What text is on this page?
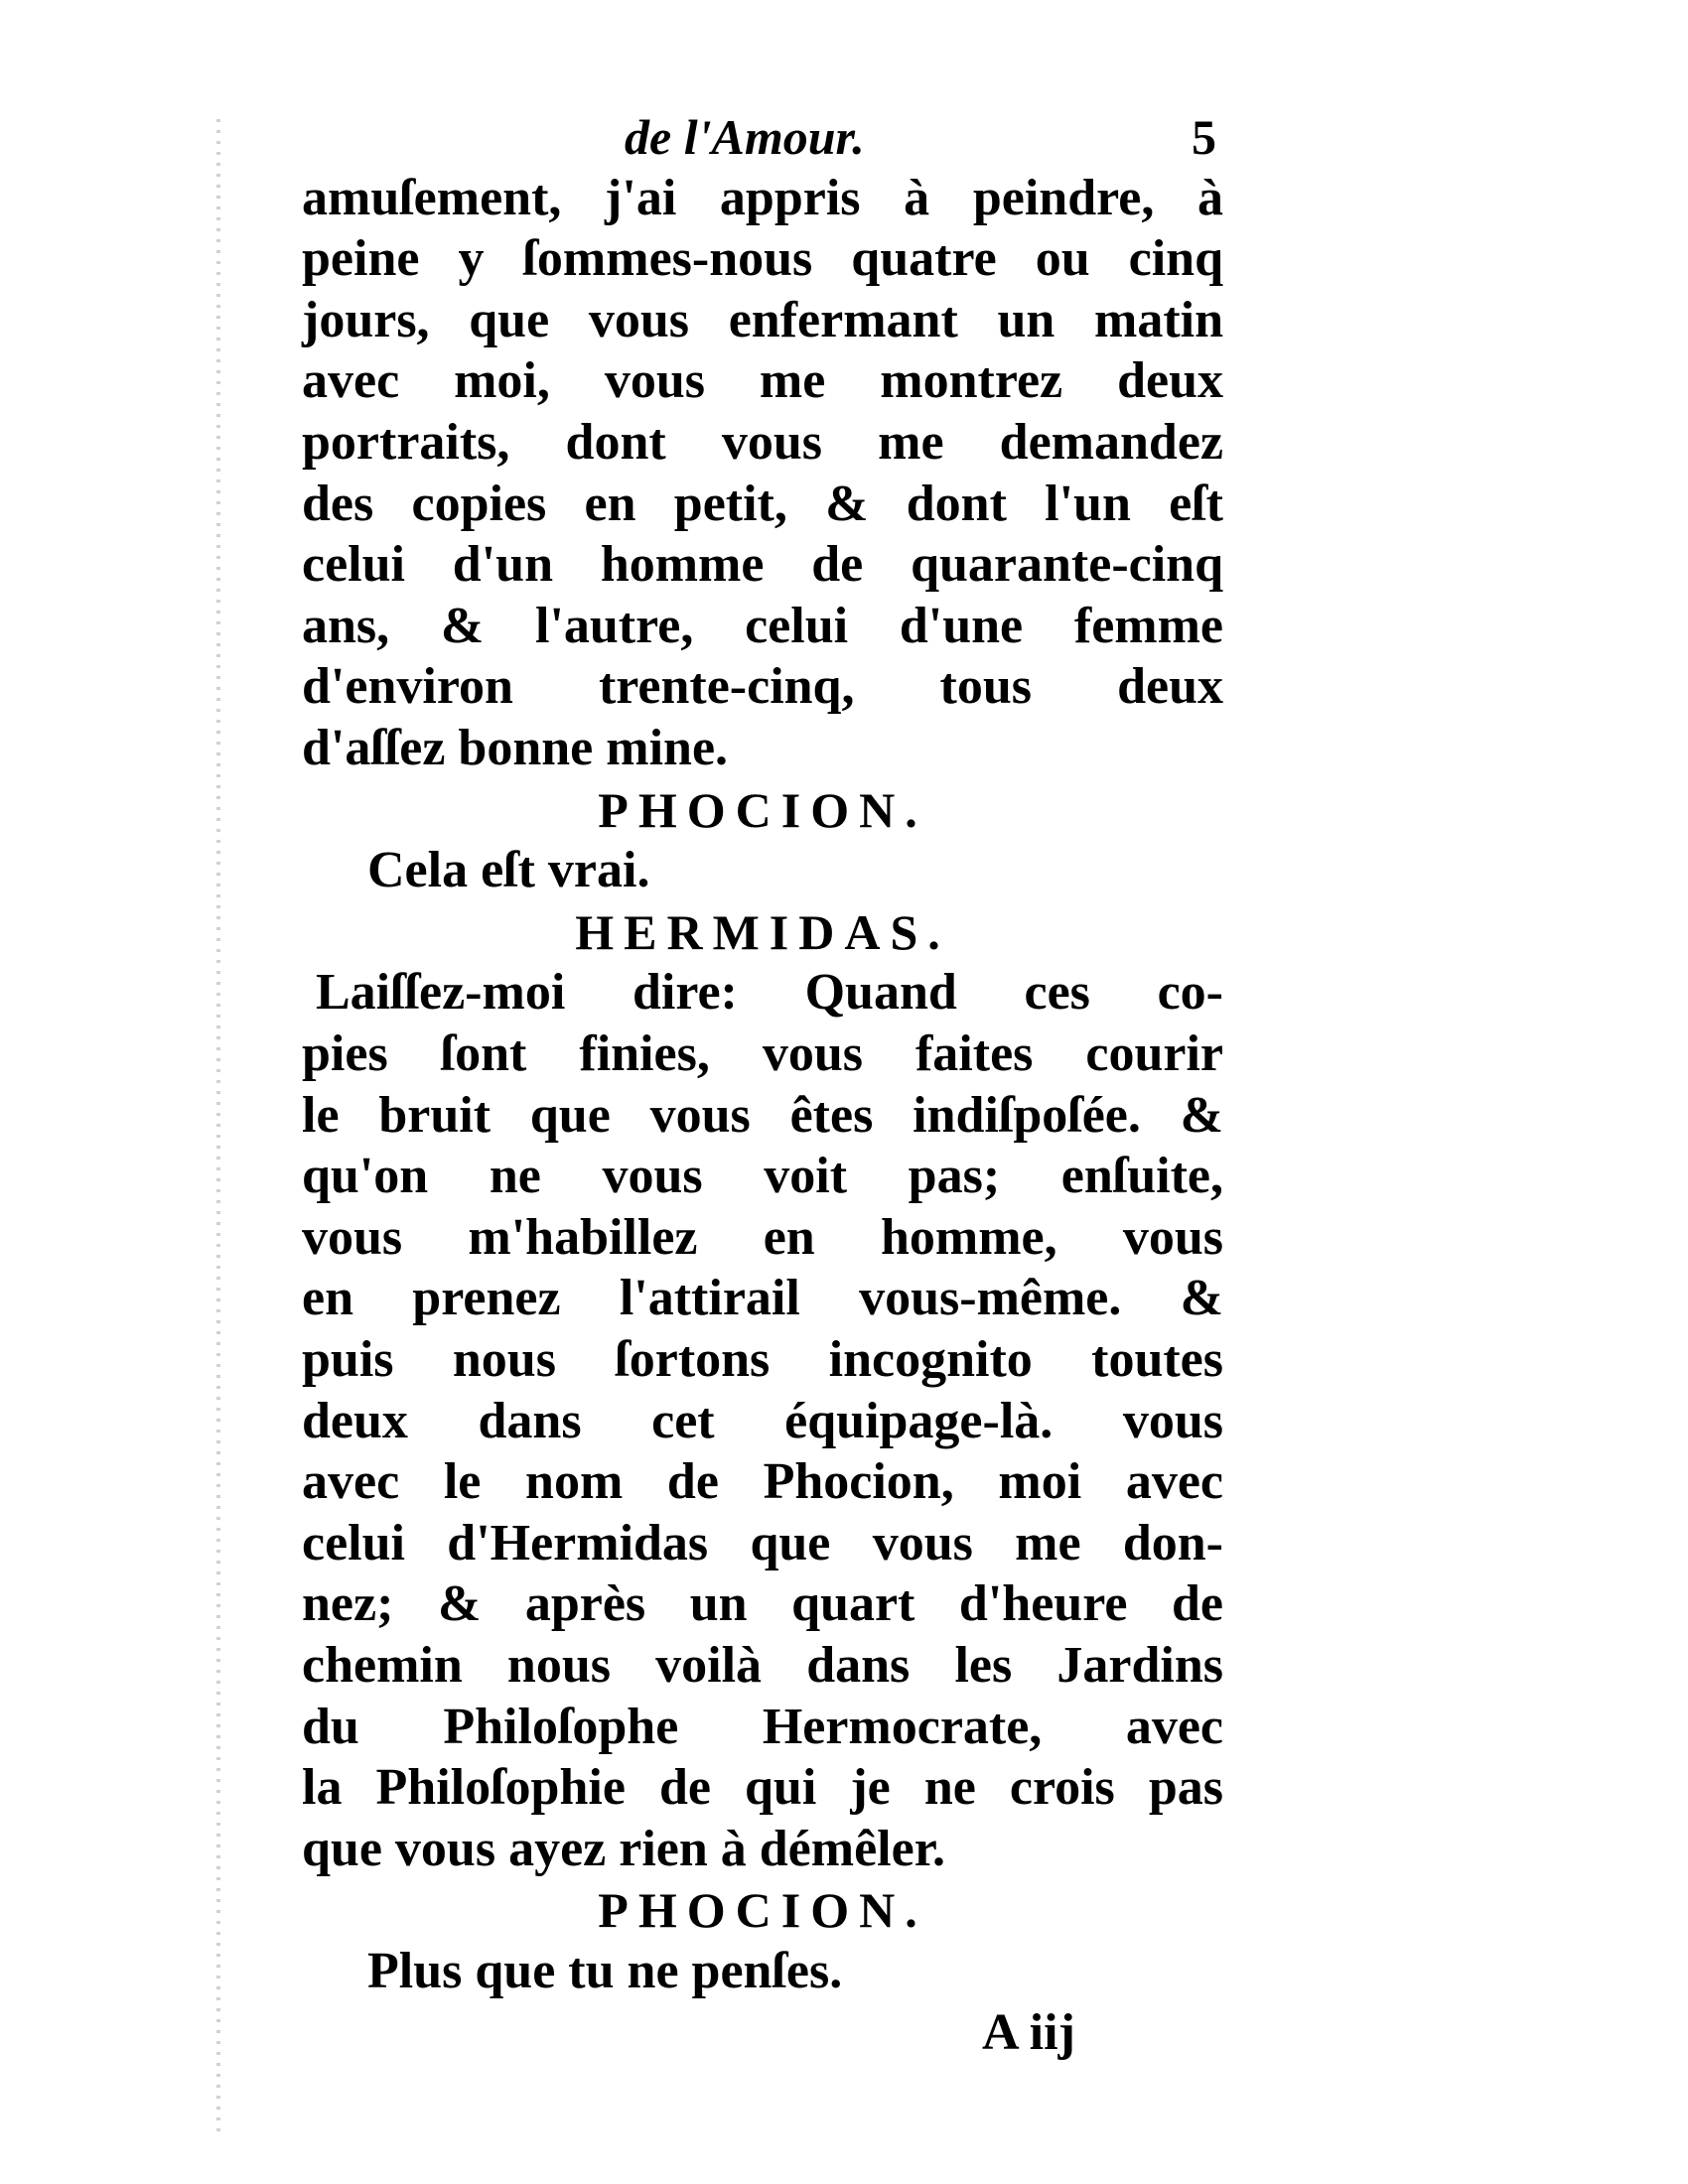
de l'Amour.	5
amuſement, j'ai appris à peindre, à
peine y ſommes-nous quatre ou cinq
jours, que vous enfermant un matin
avec moi, vous me montrez deux
portraits, dont vous me demandez
des copies en petit, & dont l'un eſt
celui d'un homme de quarante-cinq
ans, & l'autre, celui d'une femme
d'environ trente-cinq, tous deux
d'aſſez bonne mine.
PHOCION.
Cela eſt vrai.
HERMIDAS.
Laiſſez-moi dire: Quand ces co-
pies ſont finies, vous faites courir
le bruit que vous êtes indiſpoſée. &
qu'on ne vous voit pas; enſuite,
vous m'habillez en homme, vous
en prenez l'attirail vous-même. &
puis nous ſortons incognito toutes
deux dans cet équipage-là. vous
avec le nom de Phocion, moi avec
celui d'Hermidas que vous me don-
nez; & après un quart d'heure de
chemin nous voilà dans les Jardins
du Philoſophe Hermocrate, avec
la Philoſophie de qui je ne crois pas
que vous ayez rien à démêler.
PHOCION.
Plus que tu ne penſes.
A iij
